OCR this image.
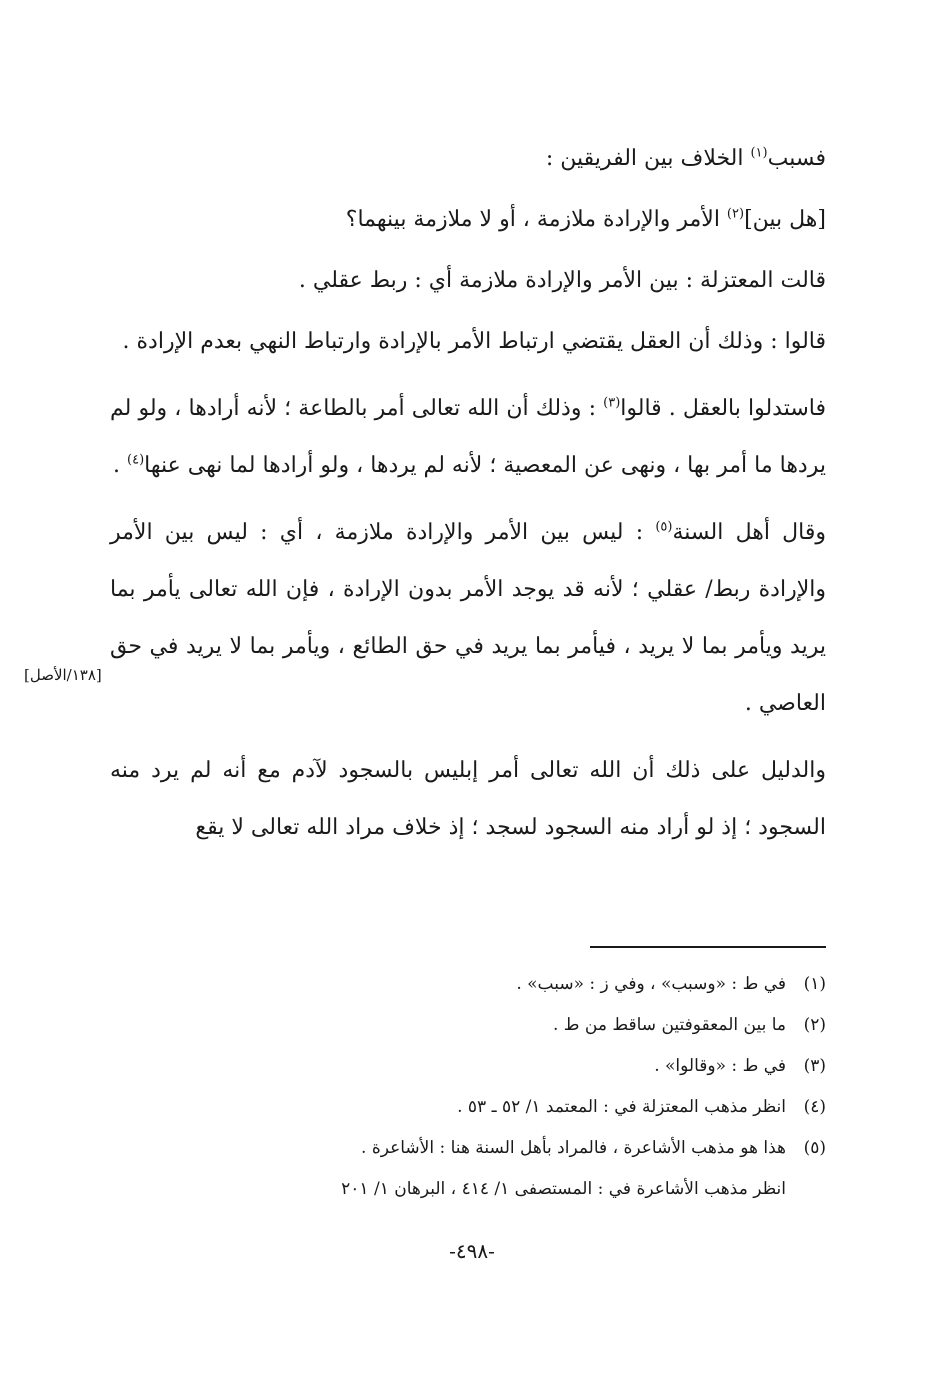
فسبب$^{(١)}$ الخلاف بين الفريقين :

[هل بين]$^{(٢)}$ الأمر والإرادة ملازمة ، أو لا ملازمة بينهما؟

قالت المعتزلة : بين الأمر والإرادة ملازمة أي : ربط عقلي .

قالوا : وذلك أن العقل يقتضي ارتباط الأمر بالإرادة وارتباط النهي بعدم الإرادة .

فاستدلوا بالعقل . قالوا$^{(٣)}$ : وذلك أن الله تعالى أمر بالطاعة ؛ لأنه أرادها ، ولو لم يردها ما أمر بها ، ونهى عن المعصية ؛ لأنه لم يردها ، ولو أرادها لما نهى عنها$^{(٤)}$ .

وقال أهل السنة$^{(٥)}$ : ليس بين الأمر والإرادة ملازمة ، أي : ليس بين الأمر والإرادة ربط/ عقلي ؛ لأنه قد يوجد الأمر بدون الإرادة ، فإن الله تعالى يأمر بما يريد ويأمر بما لا يريد ، فيأمر بما يريد في حق الطائع ، ويأمر بما لا يريد في حق العاصي .

والدليل على ذلك أن الله تعالى أمر إبليس بالسجود لآدم مع أنه لم يرد منه السجود ؛ إذ لو أراد منه السجود لسجد ؛ إذ خلاف مراد الله تعالى لا يقع

[١٣٨/الأصل]
(١)
في ط : «وسبب» ، وفي ز : «سبب» .
(٢)
ما بين المعقوفتين ساقط من ط .
(٣)
في ط : «وقالوا» .
(٤)
انظر مذهب المعتزلة في : المعتمد ١/ ٥٢ ـ ٥٣ .
(٥)
هذا هو مذهب الأشاعرة ، فالمراد بأهل السنة هنا : الأشاعرة .
انظر مذهب الأشاعرة في : المستصفى ١/ ٤١٤ ، البرهان ١/ ٢٠١
-٤٩٨-
